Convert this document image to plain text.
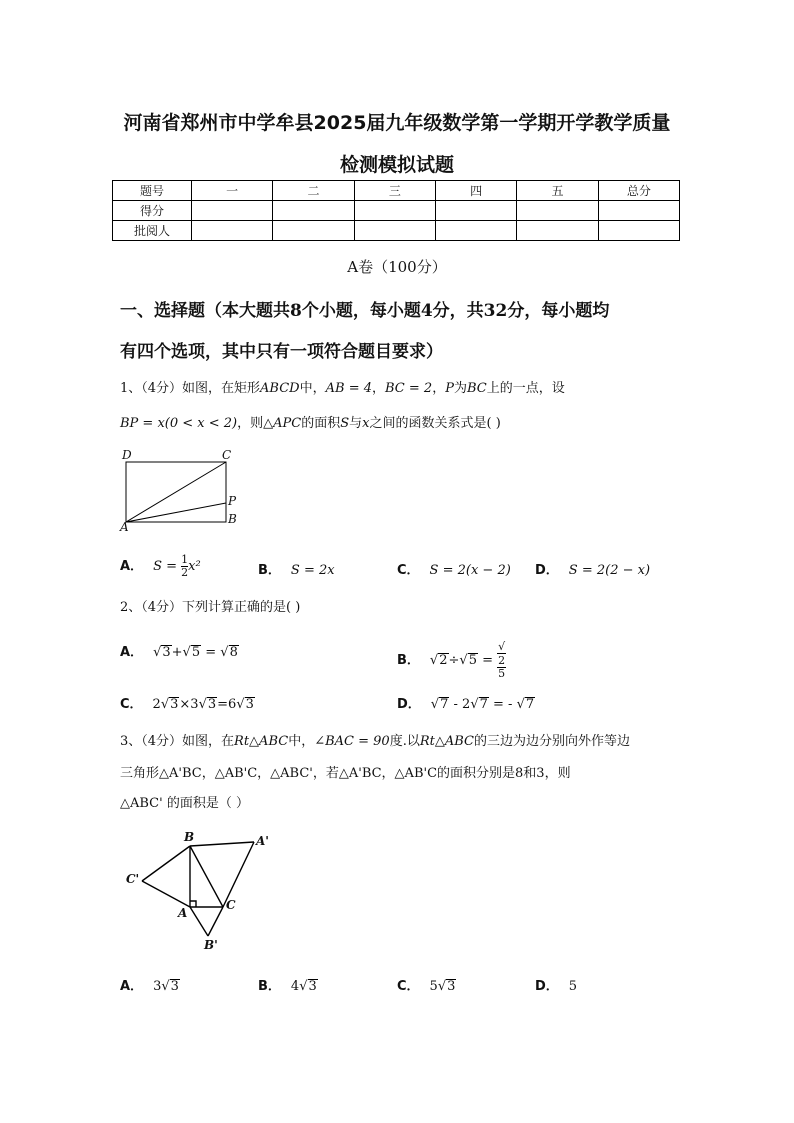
河南省郑州市中学牟县2025届九年级数学第一学期开学教学质量
检测模拟试题
题号	一	二	三	四	五	总分
得分						
批阅人						
A卷（100分）
一、选择题（本大题共8个小题，每小题4分，共32分，每小题均
有四个选项，其中只有一项符合题目要求）
1、（4分）如图，在矩形ABCD中，AB = 4，BC = 2，P为BC上的一点，设
BP = x(0 < x < 2)，则△APC的面积S与x之间的函数关系式是( )
D	C
P
B
A
A． $S = \frac{1}{2} x^2$	B． S = 2x	C． S = 2(x − 2) D． S = 2(2 − x)
2、（4分）下列计算正确的是( )
A． √3+√5 = √8
B． √2÷√5 = √
2
5
C． 2√3×3√3=6√3	D． √7 - 2√7 = - √7
3、（4分）如图，在Rt△ABC中，∠BAC = 90度.以Rt△ABC的三边为边分别向外作等边
三角形△A'BC，△AB'C，△ABC'，若△A'BC，△AB'C的面积分别是8和3，则
△ABC' 的面积是（ ）
B	A'
C'
A
C
B'
A． 3√3	B． 4√3	C． 5√3	D． 5
